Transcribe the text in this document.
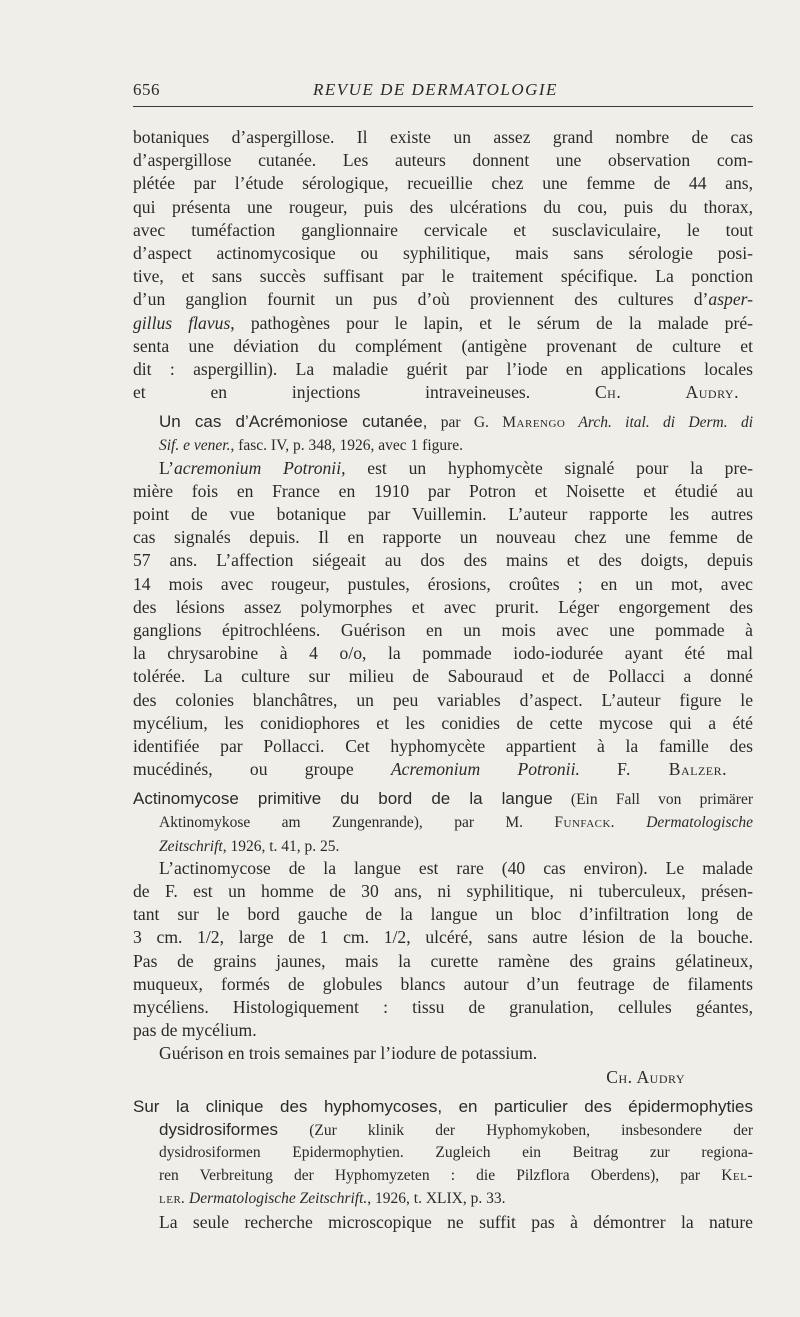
656	REVUE DE DERMATOLOGIE
botaniques d’aspergillose. Il existe un assez grand nombre de cas
d’aspergillose cutanée. Les auteurs donnent une observation com-
plétée par l’étude sérologique, recueillie chez une femme de 44 ans,
qui présenta une rougeur, puis des ulcérations du cou, puis du thorax,
avec tuméfaction ganglionnaire cervicale et susclaviculaire, le tout
d’aspect actinomycosique ou syphilitique, mais sans sérologie posi-
tive, et sans succès suffisant par le traitement spécifique. La ponction
d’un ganglion fournit un pus d’où proviennent des cultures d’asper-
gillus flavus, pathogènes pour le lapin, et le sérum de la malade pré-
senta une déviation du complément (antigène provenant de culture et
dit : aspergillin). La maladie guérit par l’iode en applications locales
et en injections intraveineuses.	Ch. Audry.
Un cas d’Acrémoniose cutanée, par G. Marengo Arch. ital. di Derm. di
Sif. e vener., fasc. IV, p. 348, 1926, avec 1 figure.
L’acremonium Potronii, est un hyphomycète signalé pour la pre-
mière fois en France en 1910 par Potron et Noisette et étudié au
point de vue botanique par Vuillemin. L’auteur rapporte les autres
cas signalés depuis. Il en rapporte un nouveau chez une femme de
57 ans. L’affection siégeait au dos des mains et des doigts, depuis
14 mois avec rougeur, pustules, érosions, croûtes ; en un mot, avec
des lésions assez polymorphes et avec prurit. Léger engorgement des
ganglions épitrochléens. Guérison en un mois avec une pommade à
la chrysarobine à 4 o/o, la pommade iodo-iodurée ayant été mal
tolérée. La culture sur milieu de Sabouraud et de Pollacci a donné
des colonies blanchâtres, un peu variables d’aspect. L’auteur figure le
mycélium, les conidiophores et les conidies de cette mycose qui a été
identifiée par Pollacci. Cet hyphomycète appartient à la famille des
mucédinés, ou groupe Acremonium Potronii. F. Balzer.
Actinomycose primitive du bord de la langue (Ein Fall von primärer
Aktinomykose am Zungenrande), par M. Funfack. Dermatologische
Zeitschrift, 1926, t. 41, p. 25.
L’actinomycose de la langue est rare (40 cas environ). Le malade
de F. est un homme de 30 ans, ni syphilitique, ni tuberculeux, présen-
tant sur le bord gauche de la langue un bloc d’infiltration long de
3 cm. 1/2, large de 1 cm. 1/2, ulcéré, sans autre lésion de la bouche.
Pas de grains jaunes, mais la curette ramène des grains gélatineux,
muqueux, formés de globules blancs autour d’un feutrage de filaments
mycéliens. Histologiquement : tissu de granulation, cellules géantes,
pas de mycélium.
Guérison en trois semaines par l’iodure de potassium.
Ch. Audry
Sur la clinique des hyphomycoses, en particulier des épidermophyties
dysidrosiformes (Zur klinik der Hyphomykoben, insbesondere der
dysidrosiformen Epidermophytien. Zugleich ein Beitrag zur regiona-
ren Verbreitung der Hyphomyzeten : die Pilzflora Oberdens), par Kel-
ler. Dermatologische Zeitschrift., 1926, t. XLIX, p. 33.
La seule recherche microscopique ne suffit pas à démontrer la nature
